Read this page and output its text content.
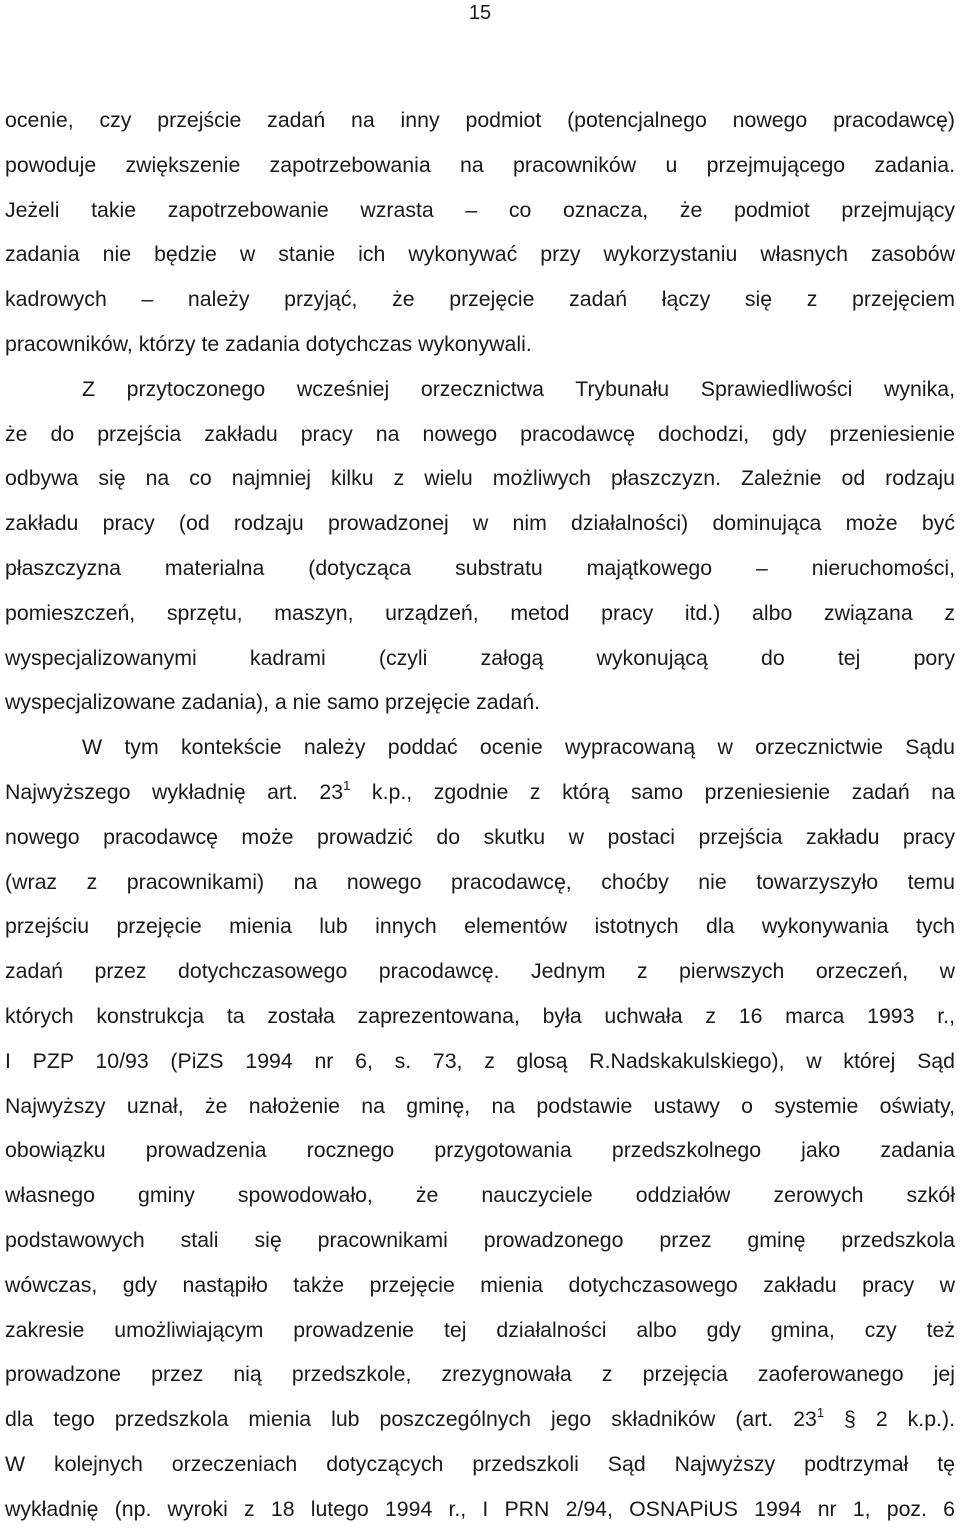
15
ocenie, czy przejście zadań na inny podmiot (potencjalnego nowego pracodawcę)
powoduje zwiększenie zapotrzebowania na pracowników u przejmującego zadania.
Jeżeli takie zapotrzebowanie wzrasta – co oznacza, że podmiot przejmujący
zadania nie będzie w stanie ich wykonywać przy wykorzystaniu własnych zasobów
kadrowych – należy przyjąć, że przejęcie zadań łączy się z przejęciem
pracowników, którzy te zadania dotychczas wykonywali.
Z przytoczonego wcześniej orzecznictwa Trybunału Sprawiedliwości wynika,
że do przejścia zakładu pracy na nowego pracodawcę dochodzi, gdy przeniesienie
odbywa się na co najmniej kilku z wielu możliwych płaszczyzn. Zależnie od rodzaju
zakładu pracy (od rodzaju prowadzonej w nim działalności) dominująca może być
płaszczyzna materialna (dotycząca substratu majątkowego – nieruchomości,
pomieszczeń, sprzętu, maszyn, urządzeń, metod pracy itd.) albo związana z
wyspecjalizowanymi kadrami (czyli załogą wykonującą do tej pory
wyspecjalizowane zadania), a nie samo przejęcie zadań.
W tym kontekście należy poddać ocenie wypracowaną w orzecznictwie Sądu
Najwyższego wykładnię art. $23^1$ k.p., zgodnie z którą samo przeniesienie zadań na
nowego pracodawcę może prowadzić do skutku w postaci przejścia zakładu pracy
(wraz z pracownikami) na nowego pracodawcę, choćby nie towarzyszyło temu
przejściu przejęcie mienia lub innych elementów istotnych dla wykonywania tych
zadań przez dotychczasowego pracodawcę. Jednym z pierwszych orzeczeń, w
których konstrukcja ta została zaprezentowana, była uchwała z 16 marca 1993 r.,
I PZP 10/93 (PiZS 1994 nr 6, s. 73, z glosą R.Nadskakulskiego), w której Sąd
Najwyższy uznał, że nałożenie na gminę, na podstawie ustawy o systemie oświaty,
obowiązku prowadzenia rocznego przygotowania przedszkolnego jako zadania
własnego gminy spowodowało, że nauczyciele oddziałów zerowych szkół
podstawowych stali się pracownikami prowadzonego przez gminę przedszkola
wówczas, gdy nastąpiło także przejęcie mienia dotychczasowego zakładu pracy w
zakresie umożliwiającym prowadzenie tej działalności albo gdy gmina, czy też
prowadzone przez nią przedszkole, zrezygnowała z przejęcia zaoferowanego jej
dla tego przedszkola mienia lub poszczególnych jego składników (art. $23^1$ § 2 k.p.).
W kolejnych orzeczeniach dotyczących przedszkoli Sąd Najwyższy podtrzymał tę
wykładnię (np. wyroki z 18 lutego 1994 r., I PRN 2/94, OSNAPiUS 1994 nr 1, poz. 6
